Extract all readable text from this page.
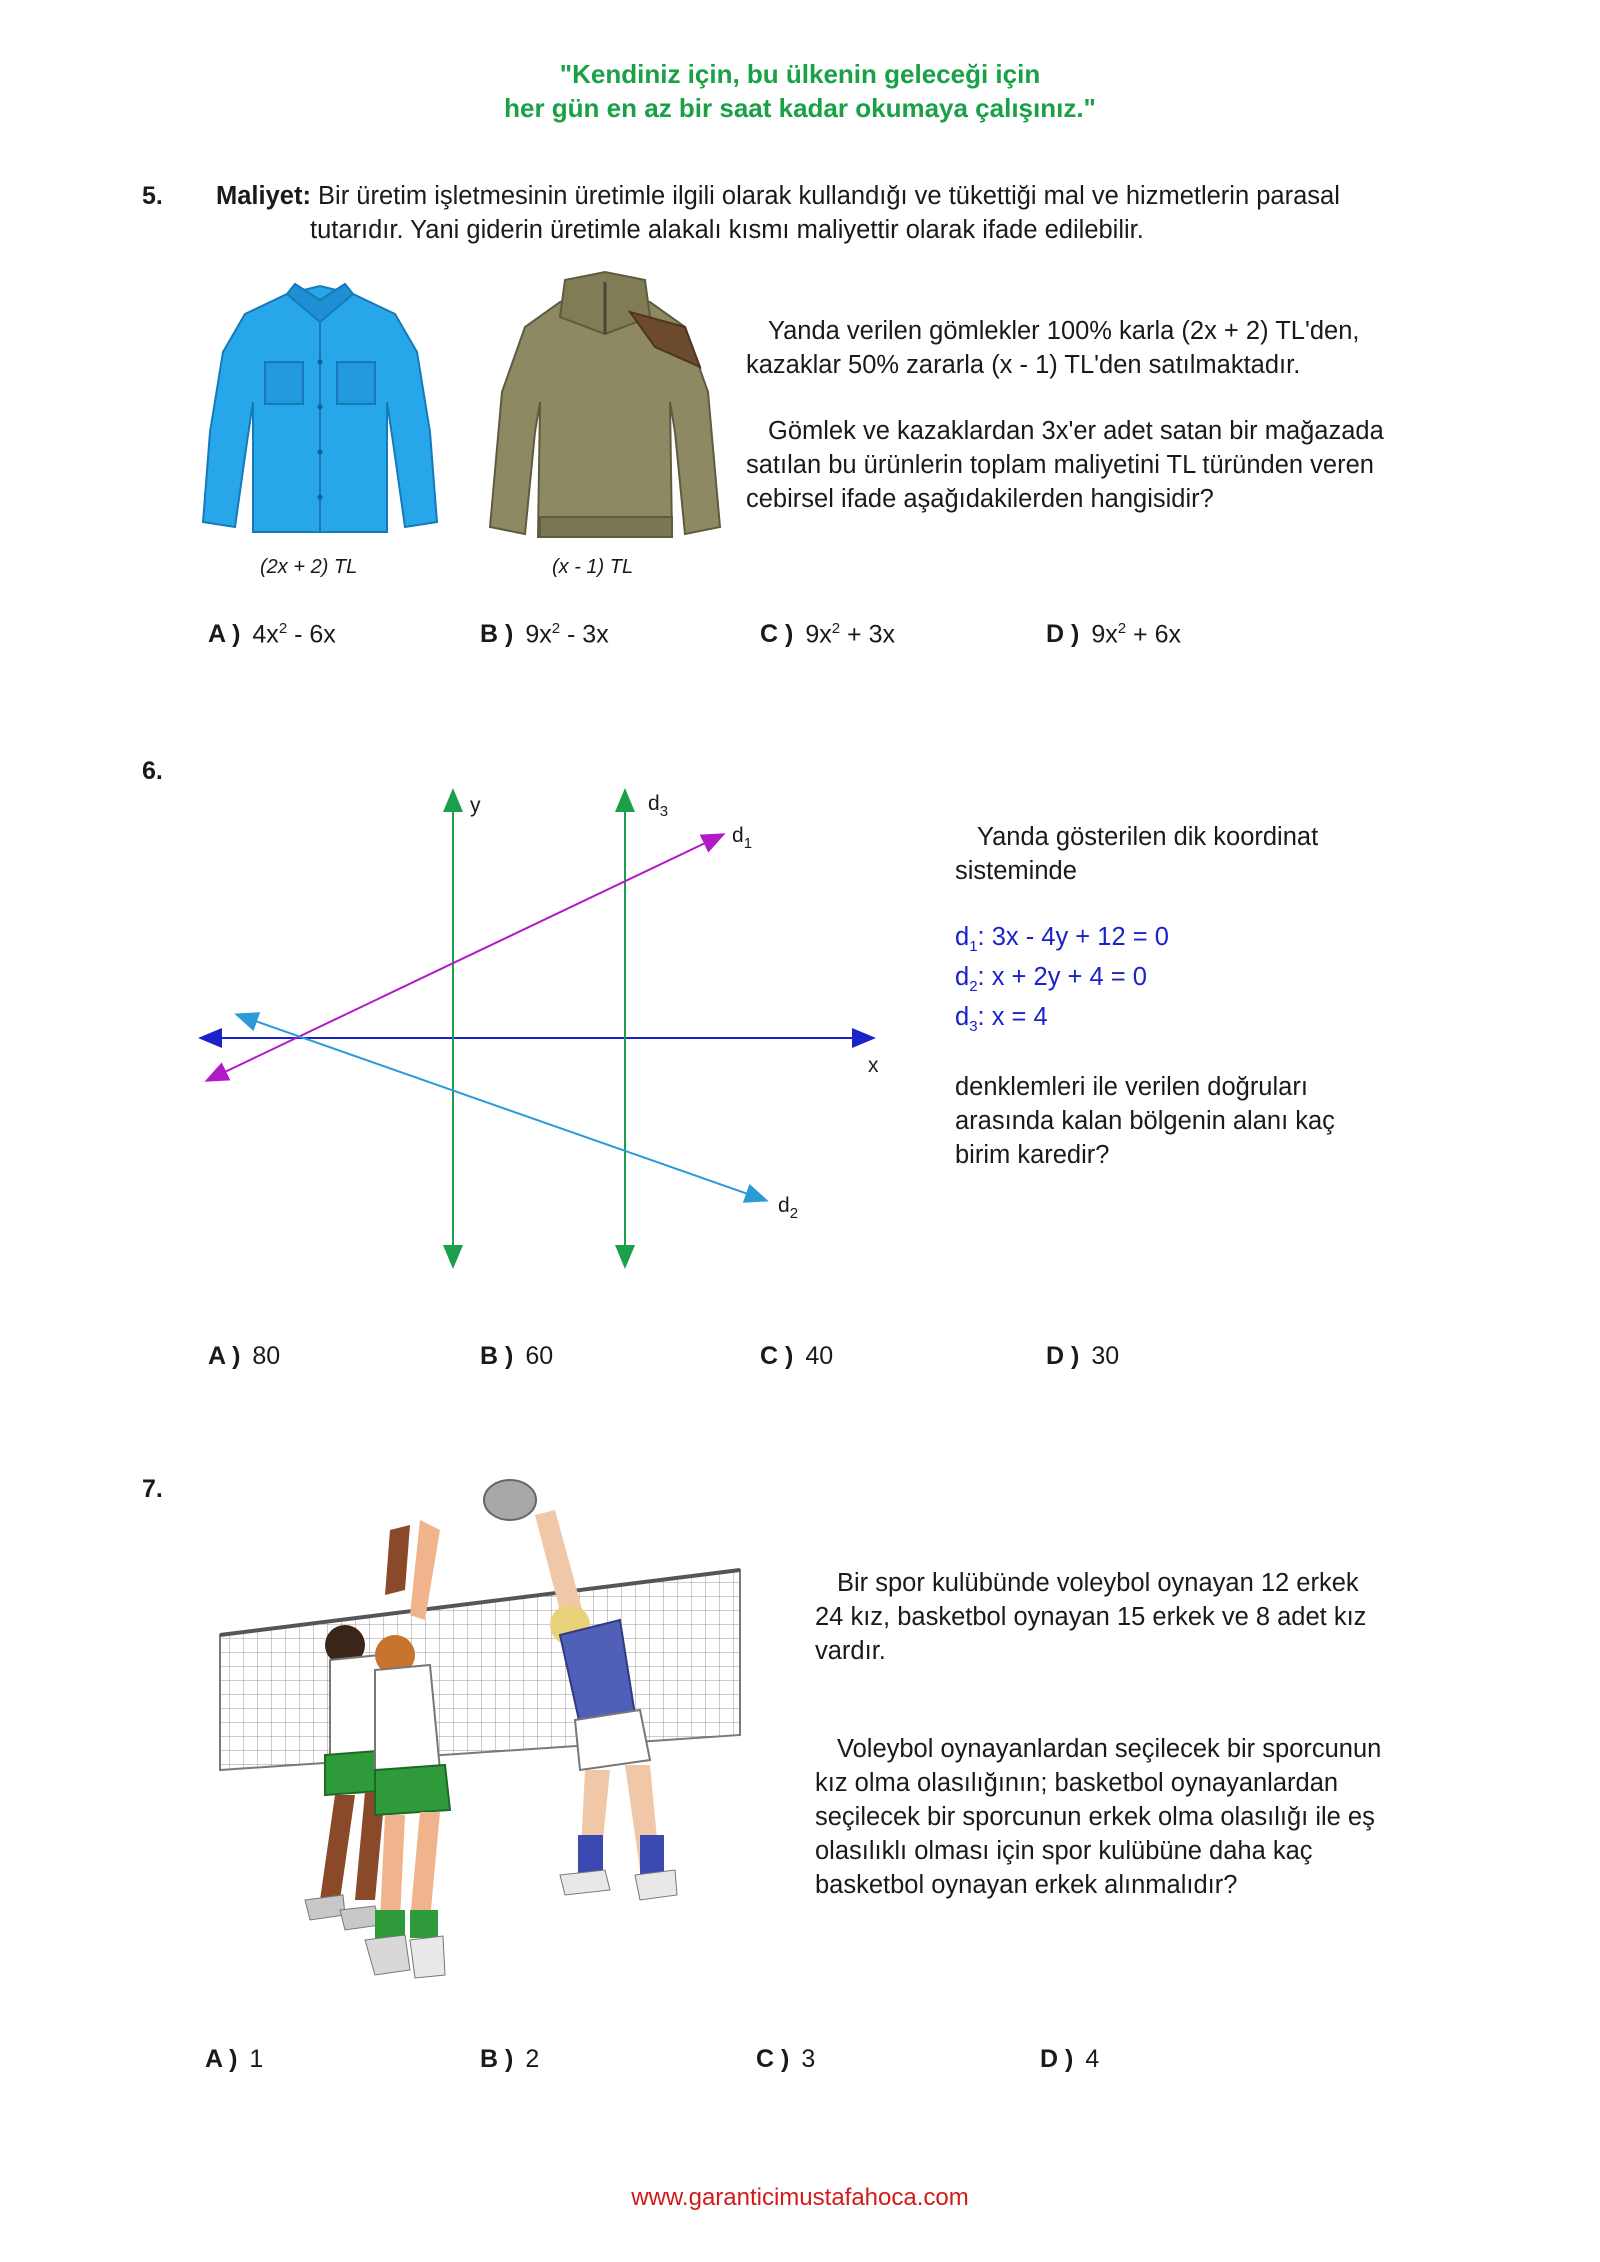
"Kendiniz için, bu ülkenin geleceği için
her gün en az bir saat kadar okumaya çalışınız."
5. Maliyet: Bir üretim işletmesinin üretimle ilgili olarak kullandığı ve tükettiği mal ve hizmetlerin parasal
tutarıdır. Yani giderin üretimle alakalı kısmı maliyettir olarak ifade edilebilir.
(2x + 2) TL	(x - 1) TL
Yanda verilen gömlekler 100% karla (2x + 2) TL'den,
kazaklar 50% zararla (x - 1) TL'den satılmaktadır.
Gömlek ve kazaklardan 3x'er adet satan bir mağazada
satılan bu ürünlerin toplam maliyetini TL türünden veren
cebirsel ifade aşağıdakilerden hangisidir?
A ) $4x^2 - 6x$	B ) $9x^2 - 3x$	C ) $9x^2 + 3x$	D ) $9x^2 + 6x$
6.
y
x
$d_3$
$d_1$
$d_2$
Yanda gösterilen dik koordinat
sisteminde
$d_1$: 3x - 4y + 12 = 0
$d_2$: x + 2y + 4 = 0
$d_3$: x = 4
denklemleri ile verilen doğruları
arasında kalan bölgenin alanı kaç
birim karedir?
A ) 80	B ) 60	C ) 40	D ) 30
7.
Bir spor kulübünde voleybol oynayan 12 erkek
24 kız, basketbol oynayan 15 erkek ve 8 adet kız
vardır.
Voleybol oynayanlardan seçilecek bir sporcunun
kız olma olasılığının; basketbol oynayanlardan
seçilecek bir sporcunun erkek olma olasılığı ile eş
olasılıklı olması için spor kulübüne daha kaç
basketbol oynayan erkek alınmalıdır?
A ) 1	B ) 2	C ) 3	D ) 4
www.garanticimustafahoca.com
